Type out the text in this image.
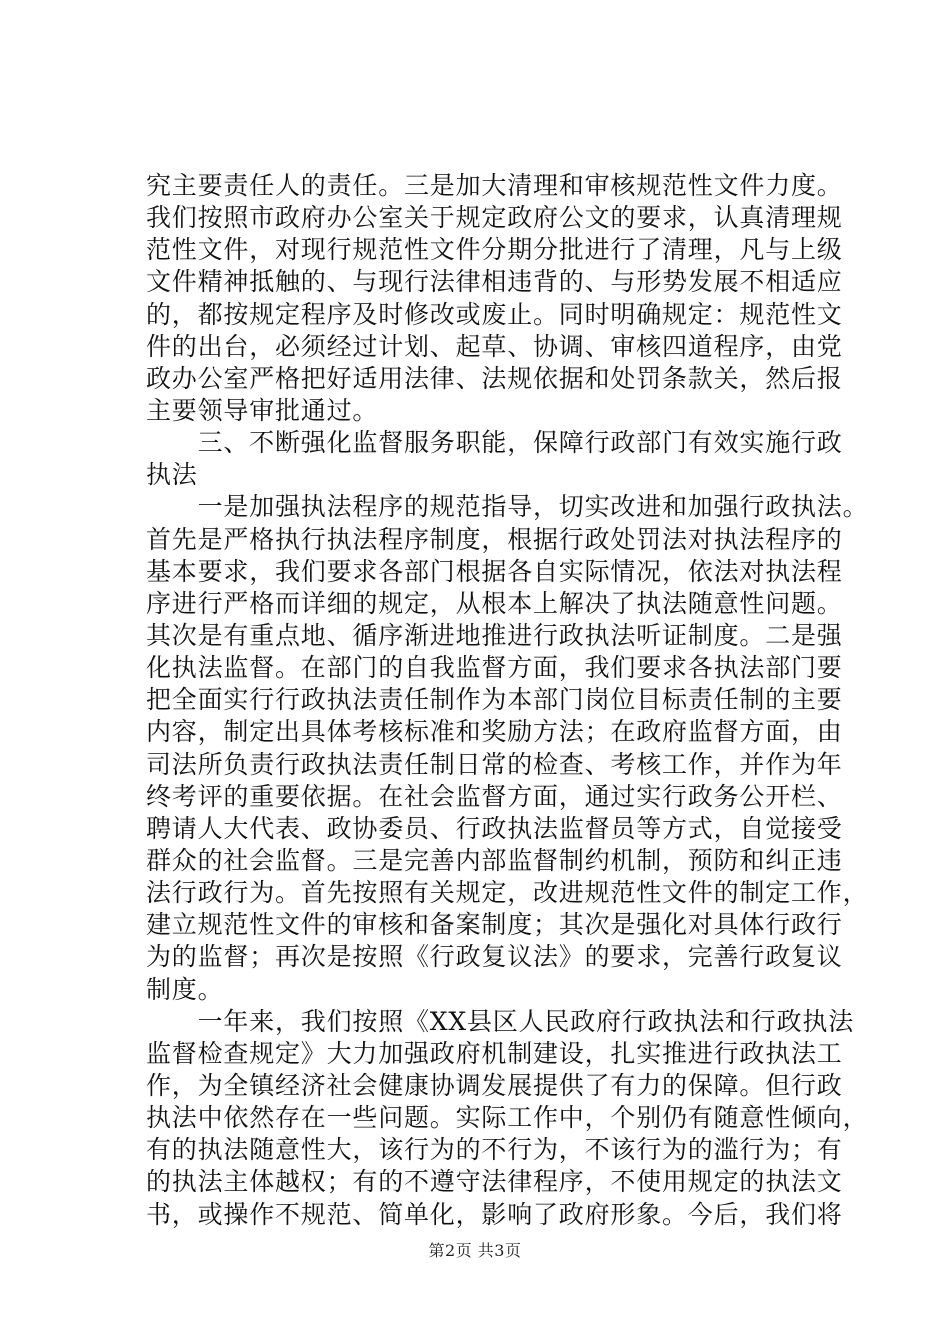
究主要责任人的责任。三是加大清理和审核规范性文件力度。
我们按照市政府办公室关于规定政府公文的要求，认真清理规
范性文件，对现行规范性文件分期分批进行了清理，凡与上级
文件精神抵触的、与现行法律相违背的、与形势发展不相适应
的，都按规定程序及时修改或废止。同时明确规定：规范性文
件的出台，必须经过计划、起草、协调、审核四道程序，由党
政办公室严格把好适用法律、法规依据和处罚条款关，然后报
主要领导审批通过。
　　三、不断强化监督服务职能，保障行政部门有效实施行政
执法
　　一是加强执法程序的规范指导，切实改进和加强行政执法。
首先是严格执行执法程序制度，根据行政处罚法对执法程序的
基本要求，我们要求各部门根据各自实际情况，依法对执法程
序进行严格而详细的规定，从根本上解决了执法随意性问题。
其次是有重点地、循序渐进地推进行政执法听证制度。二是强
化执法监督。在部门的自我监督方面，我们要求各执法部门要
把全面实行行政执法责任制作为本部门岗位目标责任制的主要
内容，制定出具体考核标准和奖励方法；在政府监督方面，由
司法所负责行政执法责任制日常的检查、考核工作，并作为年
终考评的重要依据。在社会监督方面，通过实行政务公开栏、
聘请人大代表、政协委员、行政执法监督员等方式，自觉接受
群众的社会监督。三是完善内部监督制约机制，预防和纠正违
法行政行为。首先按照有关规定，改进规范性文件的制定工作，
建立规范性文件的审核和备案制度；其次是强化对具体行政行
为的监督；再次是按照《行政复议法》的要求，完善行政复议
制度。
　　一年来，我们按照《XX县区人民政府行政执法和行政执法
监督检查规定》大力加强政府机制建设，扎实推进行政执法工
作，为全镇经济社会健康协调发展提供了有力的保障。但行政
执法中依然存在一些问题。实际工作中，个别仍有随意性倾向，
有的执法随意性大，该行为的不行为，不该行为的滥行为；有
的执法主体越权；有的不遵守法律程序，不使用规定的执法文
书，或操作不规范、简单化，影响了政府形象。今后，我们将
第2页 共3页
